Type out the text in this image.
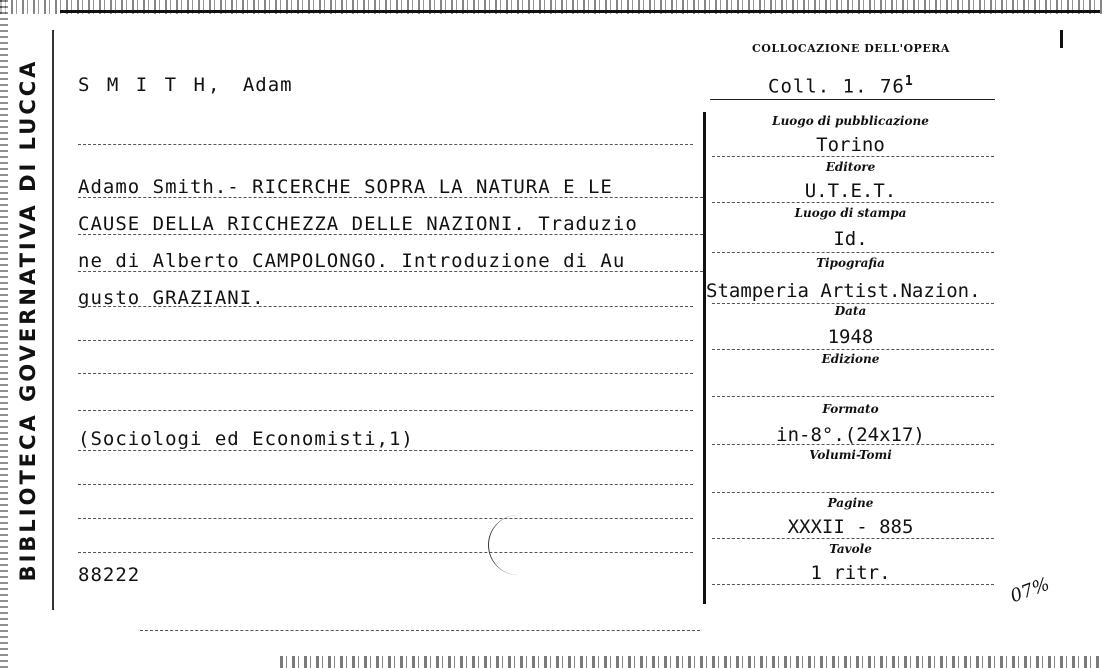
BIBLIOTECA GOVERNATIVA DI LUCCA S M I T H, Adam
Adamo Smith.- RICERCHE SOPRA LA NATURA E LE
CAUSE DELLA RICCHEZZA DELLE NAZIONI. Traduzio
ne di Alberto CAMPOLONGO. Introduzione di Au
gusto GRAZIANI.
(Sociologi ed Economisti,1)
88222
COLLOCAZIONE DELL'OPERA
Coll. 1. $76^1$
Luogo di pubblicazione
Torino
Editore
U.T.E.T.
Luogo di stampa
Id.
Tipografia
Stamperia Artist.Nazion.
Data
1948
Edizione
Formato
in-8°.(24x17)
Volumi-Tomi
Pagine
XXXII - 885
Tavole
1 ritr.
07%
